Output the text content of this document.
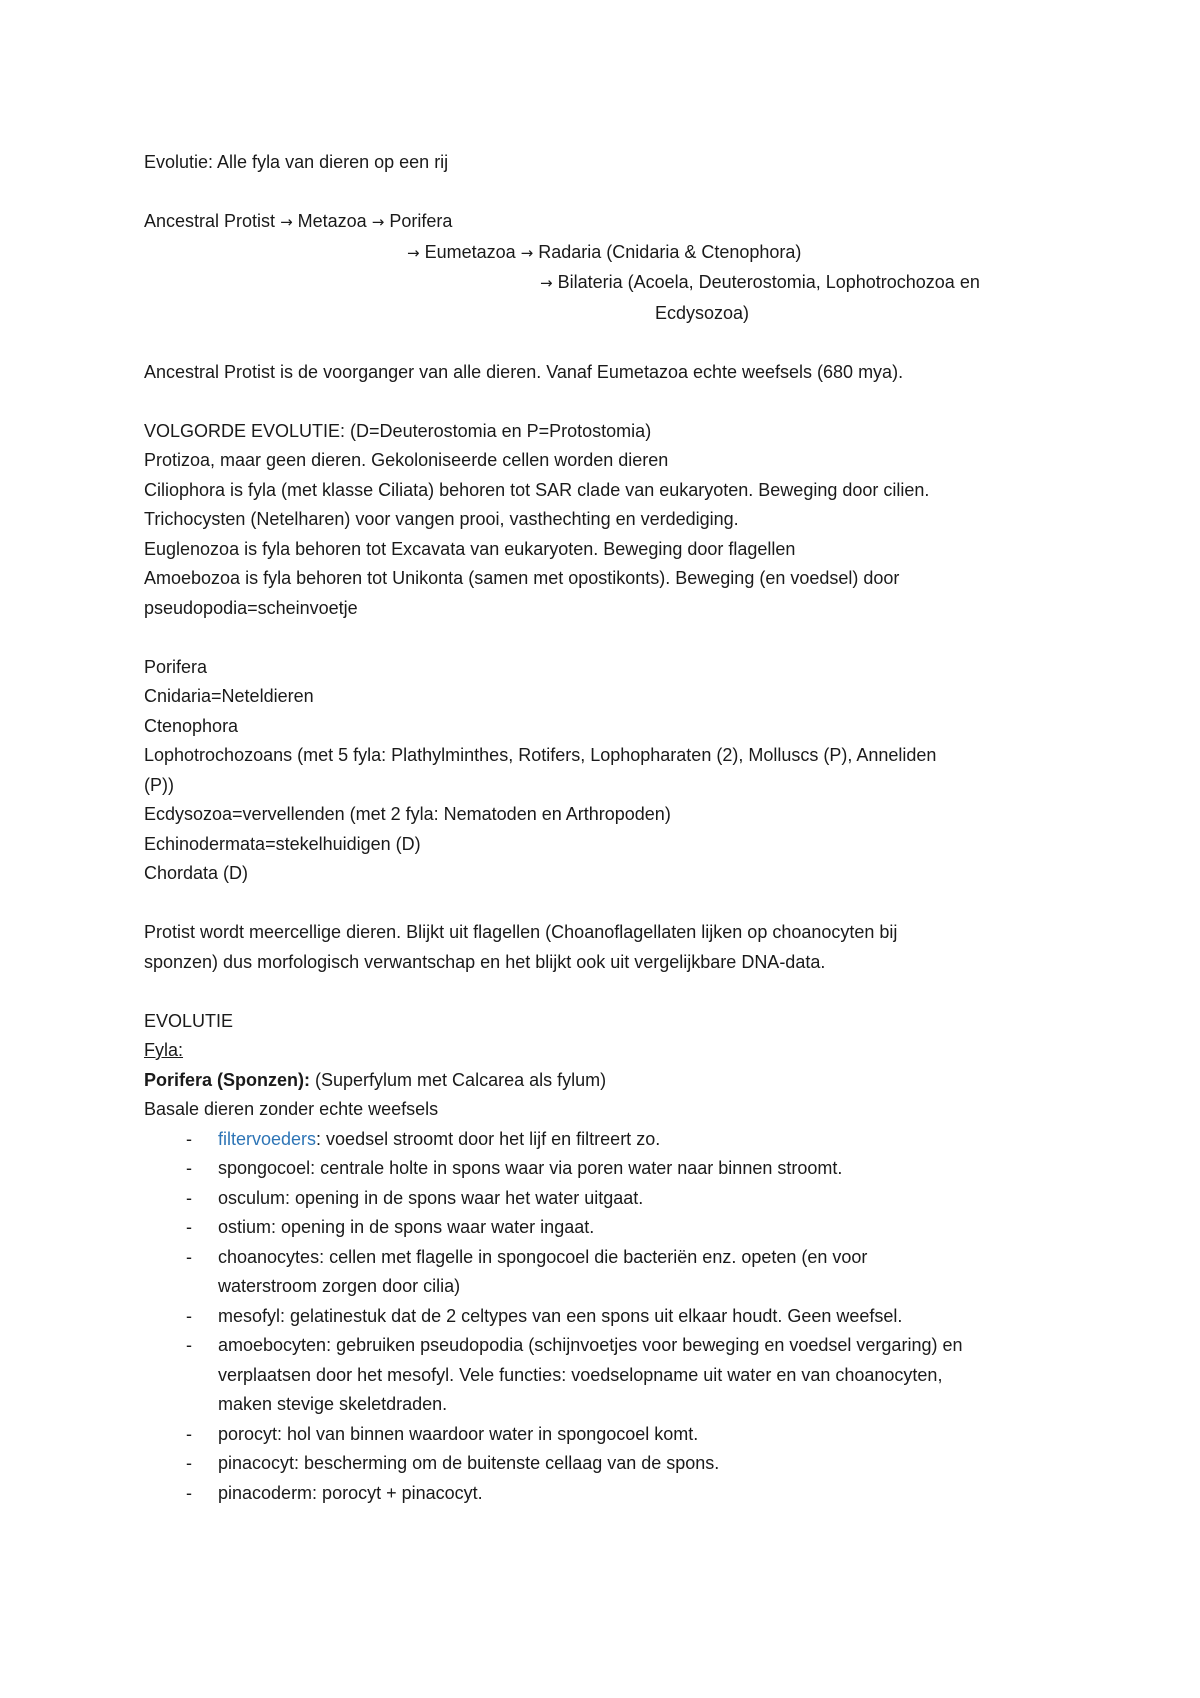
Evolutie: Alle fyla van dieren op een rij

Ancestral Protist → Metazoa → Porifera

→ Eumetazoa → Radaria (Cnidaria & Ctenophora)

→ Bilateria (Acoela, Deuterostomia, Lophotrochozoa en

Ecdysozoa)

Ancestral Protist is de voorganger van alle dieren. Vanaf Eumetazoa echte weefsels (680 mya).

VOLGORDE EVOLUTIE: (D=Deuterostomia en P=Protostomia)

Protizoa, maar geen dieren. Gekoloniseerde cellen worden dieren

Ciliophora is fyla (met klasse Ciliata) behoren tot SAR clade van eukaryoten. Beweging door cilien.

Trichocysten (Netelharen) voor vangen prooi, vasthechting en verdediging.

Euglenozoa is fyla behoren tot Excavata van eukaryoten. Beweging door flagellen

Amoebozoa is fyla behoren tot Unikonta (samen met opostikonts). Beweging (en voedsel) door

pseudopodia=scheinvoetje

Porifera

Cnidaria=Neteldieren

Ctenophora

Lophotrochozoans (met 5 fyla: Plathylminthes, Rotifers, Lophopharaten (2), Molluscs (P), Anneliden

(P))

Ecdysozoa=vervellenden (met 2 fyla: Nematoden en Arthropoden)

Echinodermata=stekelhuidigen (D)

Chordata (D)

Protist wordt meercellige dieren. Blijkt uit flagellen (Choanoflagellaten lijken op choanocyten bij

sponzen) dus morfologisch verwantschap en het blijkt ook uit vergelijkbare DNA-data.

EVOLUTIE

Fyla:

Porifera (Sponzen): (Superfylum met Calcarea als fylum)

Basale dieren zonder echte weefsels

- filtervoeders: voedsel stroomt door het lijf en filtreert zo.
- spongocoel: centrale holte in spons waar via poren water naar binnen stroomt.
- osculum: opening in de spons waar het water uitgaat.
- ostium: opening in de spons waar water ingaat.
- choanocytes: cellen met flagelle in spongocoel die bacteriën enz. opeten (en voor
waterstroom zorgen door cilia)
- mesofyl: gelatinestuk dat de 2 celtypes van een spons uit elkaar houdt. Geen weefsel.
- amoebocyten: gebruiken pseudopodia (schijnvoetjes voor beweging en voedsel vergaring) en
verplaatsen door het mesofyl. Vele functies: voedselopname uit water en van choanocyten,
maken stevige skeletdraden.
- porocyt: hol van binnen waardoor water in spongocoel komt.
- pinacocyt: bescherming om de buitenste cellaag van de spons.
- pinacoderm: porocyt + pinacocyt.
